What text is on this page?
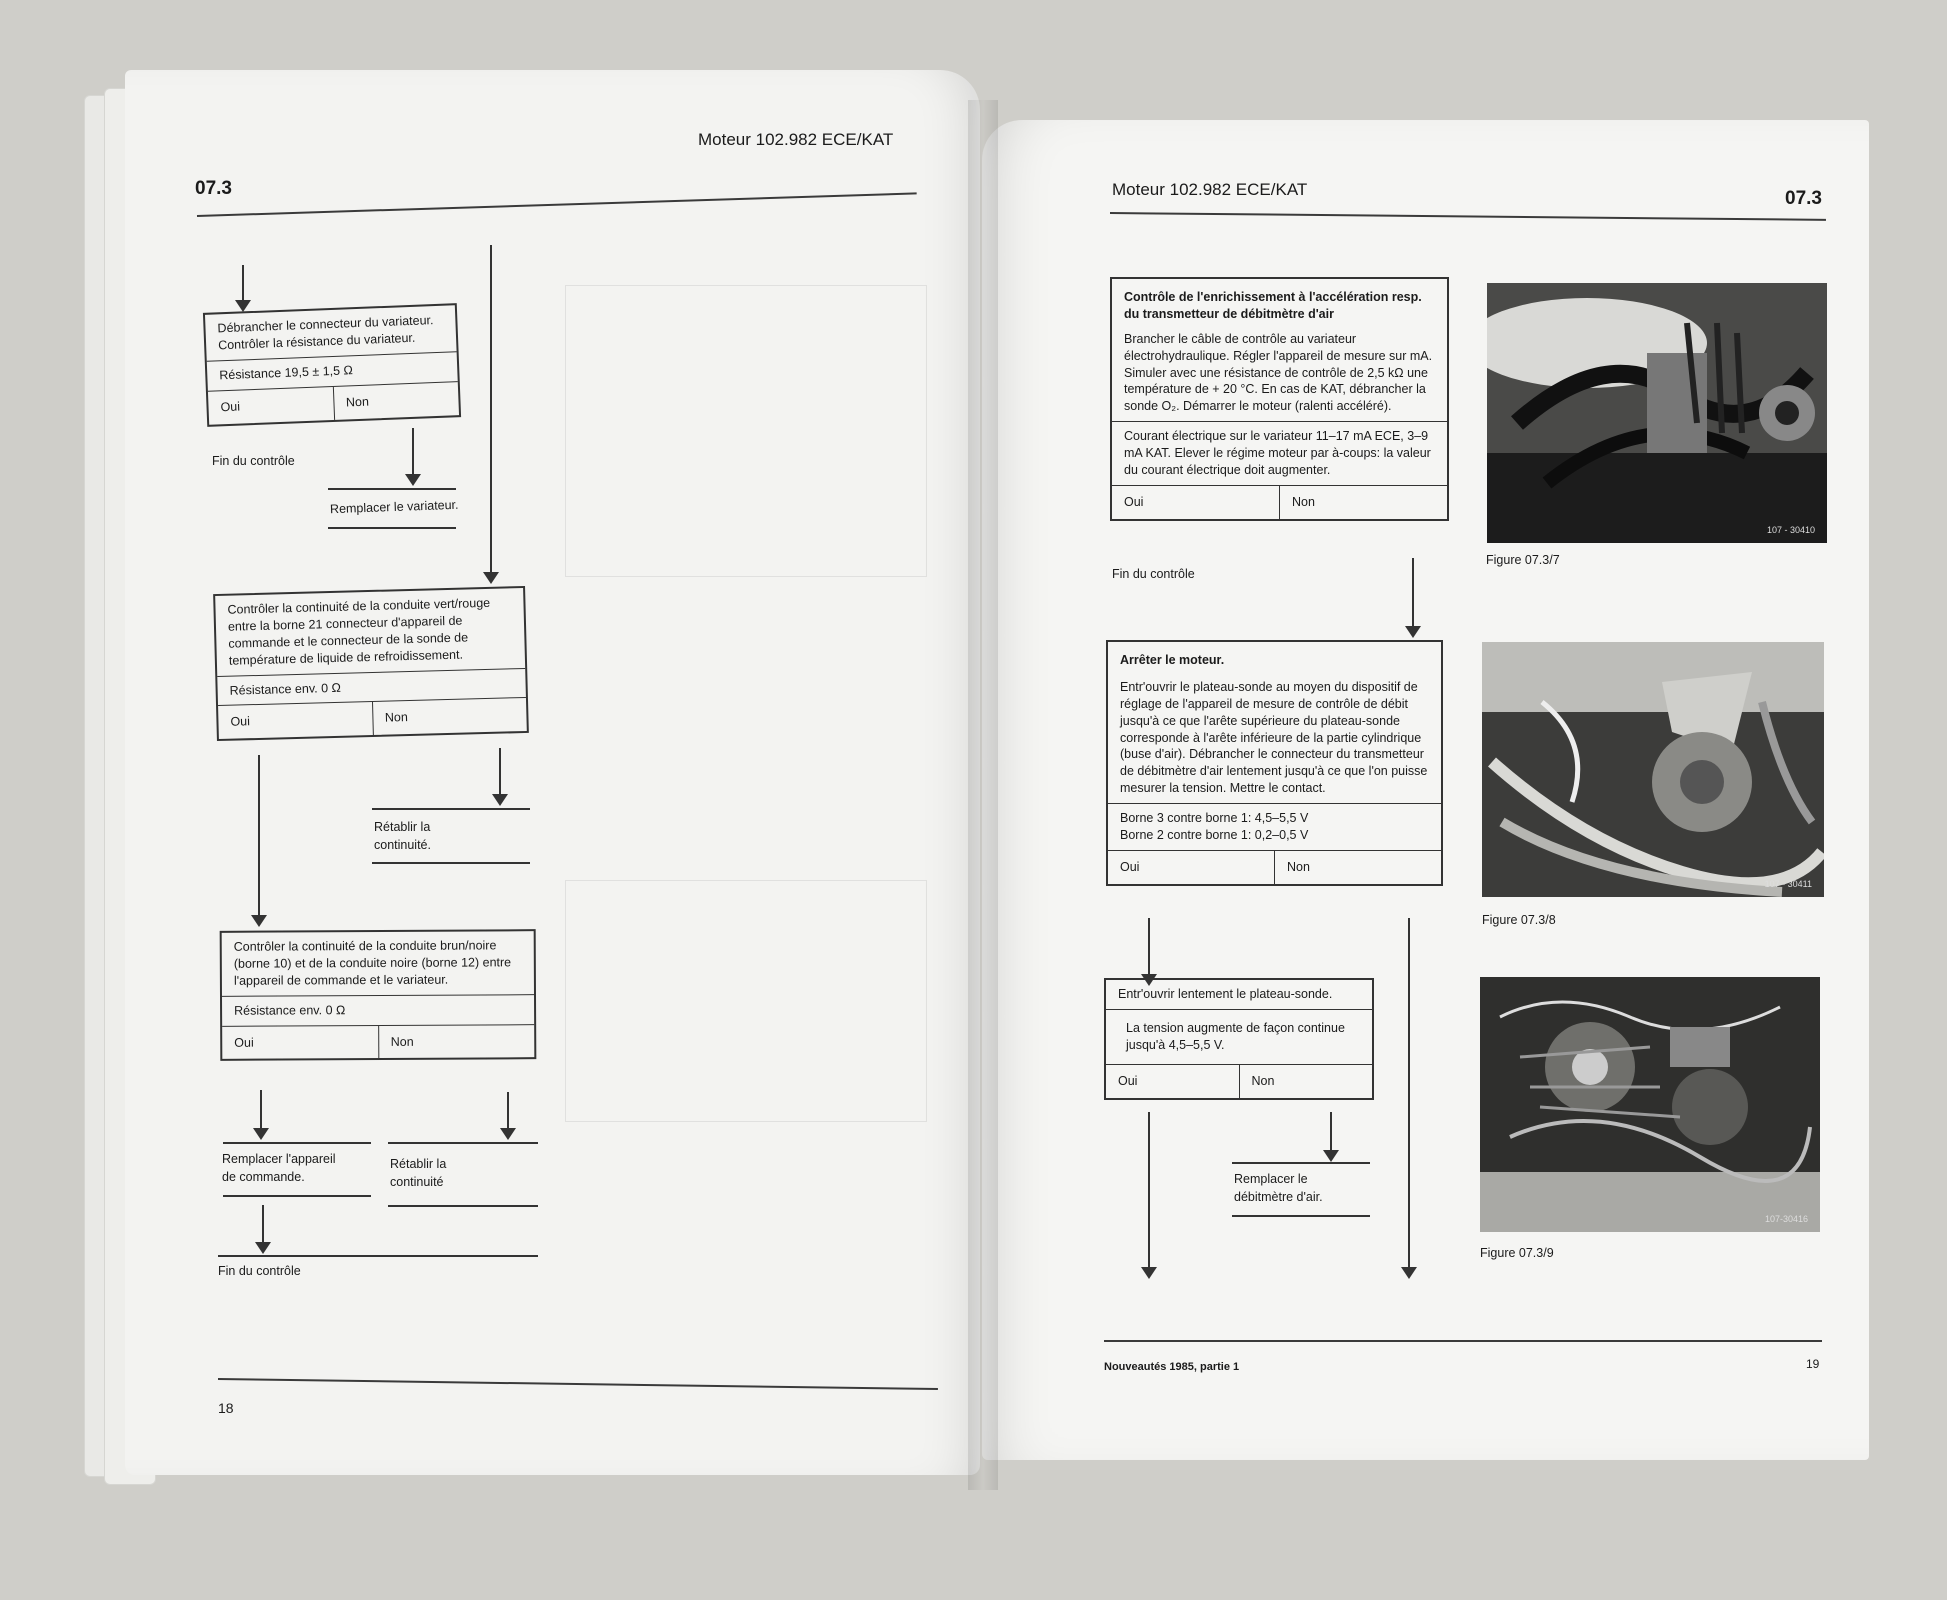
07.3
Moteur 102.982 ECE/KAT
Débrancher le connecteur du variateur. Contrôler la résistance du variateur.
Résistance 19,5 ± 1,5 Ω
Oui	Non
Fin du contrôle
Remplacer le variateur.
Contrôler la continuité de la conduite vert/rouge entre la borne 21 connecteur d'appareil de commande et le connecteur de la sonde de température de liquide de refroidissement.
Résistance env. 0 Ω
Oui	Non
Rétablir la continuité.
Contrôler la continuité de la conduite brun/noire (borne 10) et de la conduite noire (borne 12) entre l'appareil de commande et le variateur.
Résistance env. 0 Ω
Oui	Non
Remplacer l'appareil de commande.
Rétablir la continuité
Fin du contrôle
18
Moteur 102.982 ECE/KAT	07.3
Contrôle de l'enrichissement à l'accélération resp. du transmetteur de débitmètre d'air
Brancher le câble de contrôle au variateur électrohydraulique. Régler l'appareil de mesure sur mA. Simuler avec une résistance de contrôle de 2,5 kΩ une température de + 20 °C. En cas de KAT, débrancher la sonde O₂. Démarrer le moteur (ralenti accéléré).
Courant électrique sur le variateur 11–17 mA ECE, 3–9 mA KAT. Elever le régime moteur par à-coups: la valeur du courant électrique doit augmenter.
Oui	Non
Fin du contrôle
Arrêter le moteur.
Entr'ouvrir le plateau-sonde au moyen du dispositif de réglage de l'appareil de mesure de contrôle de débit jusqu'à ce que l'arête supérieure du plateau-sonde corresponde à l'arête inférieure de la partie cylindrique (buse d'air). Débrancher le connecteur du transmetteur de débitmètre d'air lentement jusqu'à ce que l'on puisse mesurer la tension. Mettre le contact.
Borne 3 contre borne 1: 4,5–5,5 V
Borne 2 contre borne 1: 0,2–0,5 V
Oui	Non
Entr'ouvrir lentement le plateau-sonde.
La tension augmente de façon continue jusqu'à 4,5–5,5 V.
Oui	Non
Remplacer le débitmètre d'air.
107 - 30410
Figure 07.3/7
107 - 30411
Figure 07.3/8
107-30416
Figure 07.3/9
Nouveautés 1985, partie 1	19
